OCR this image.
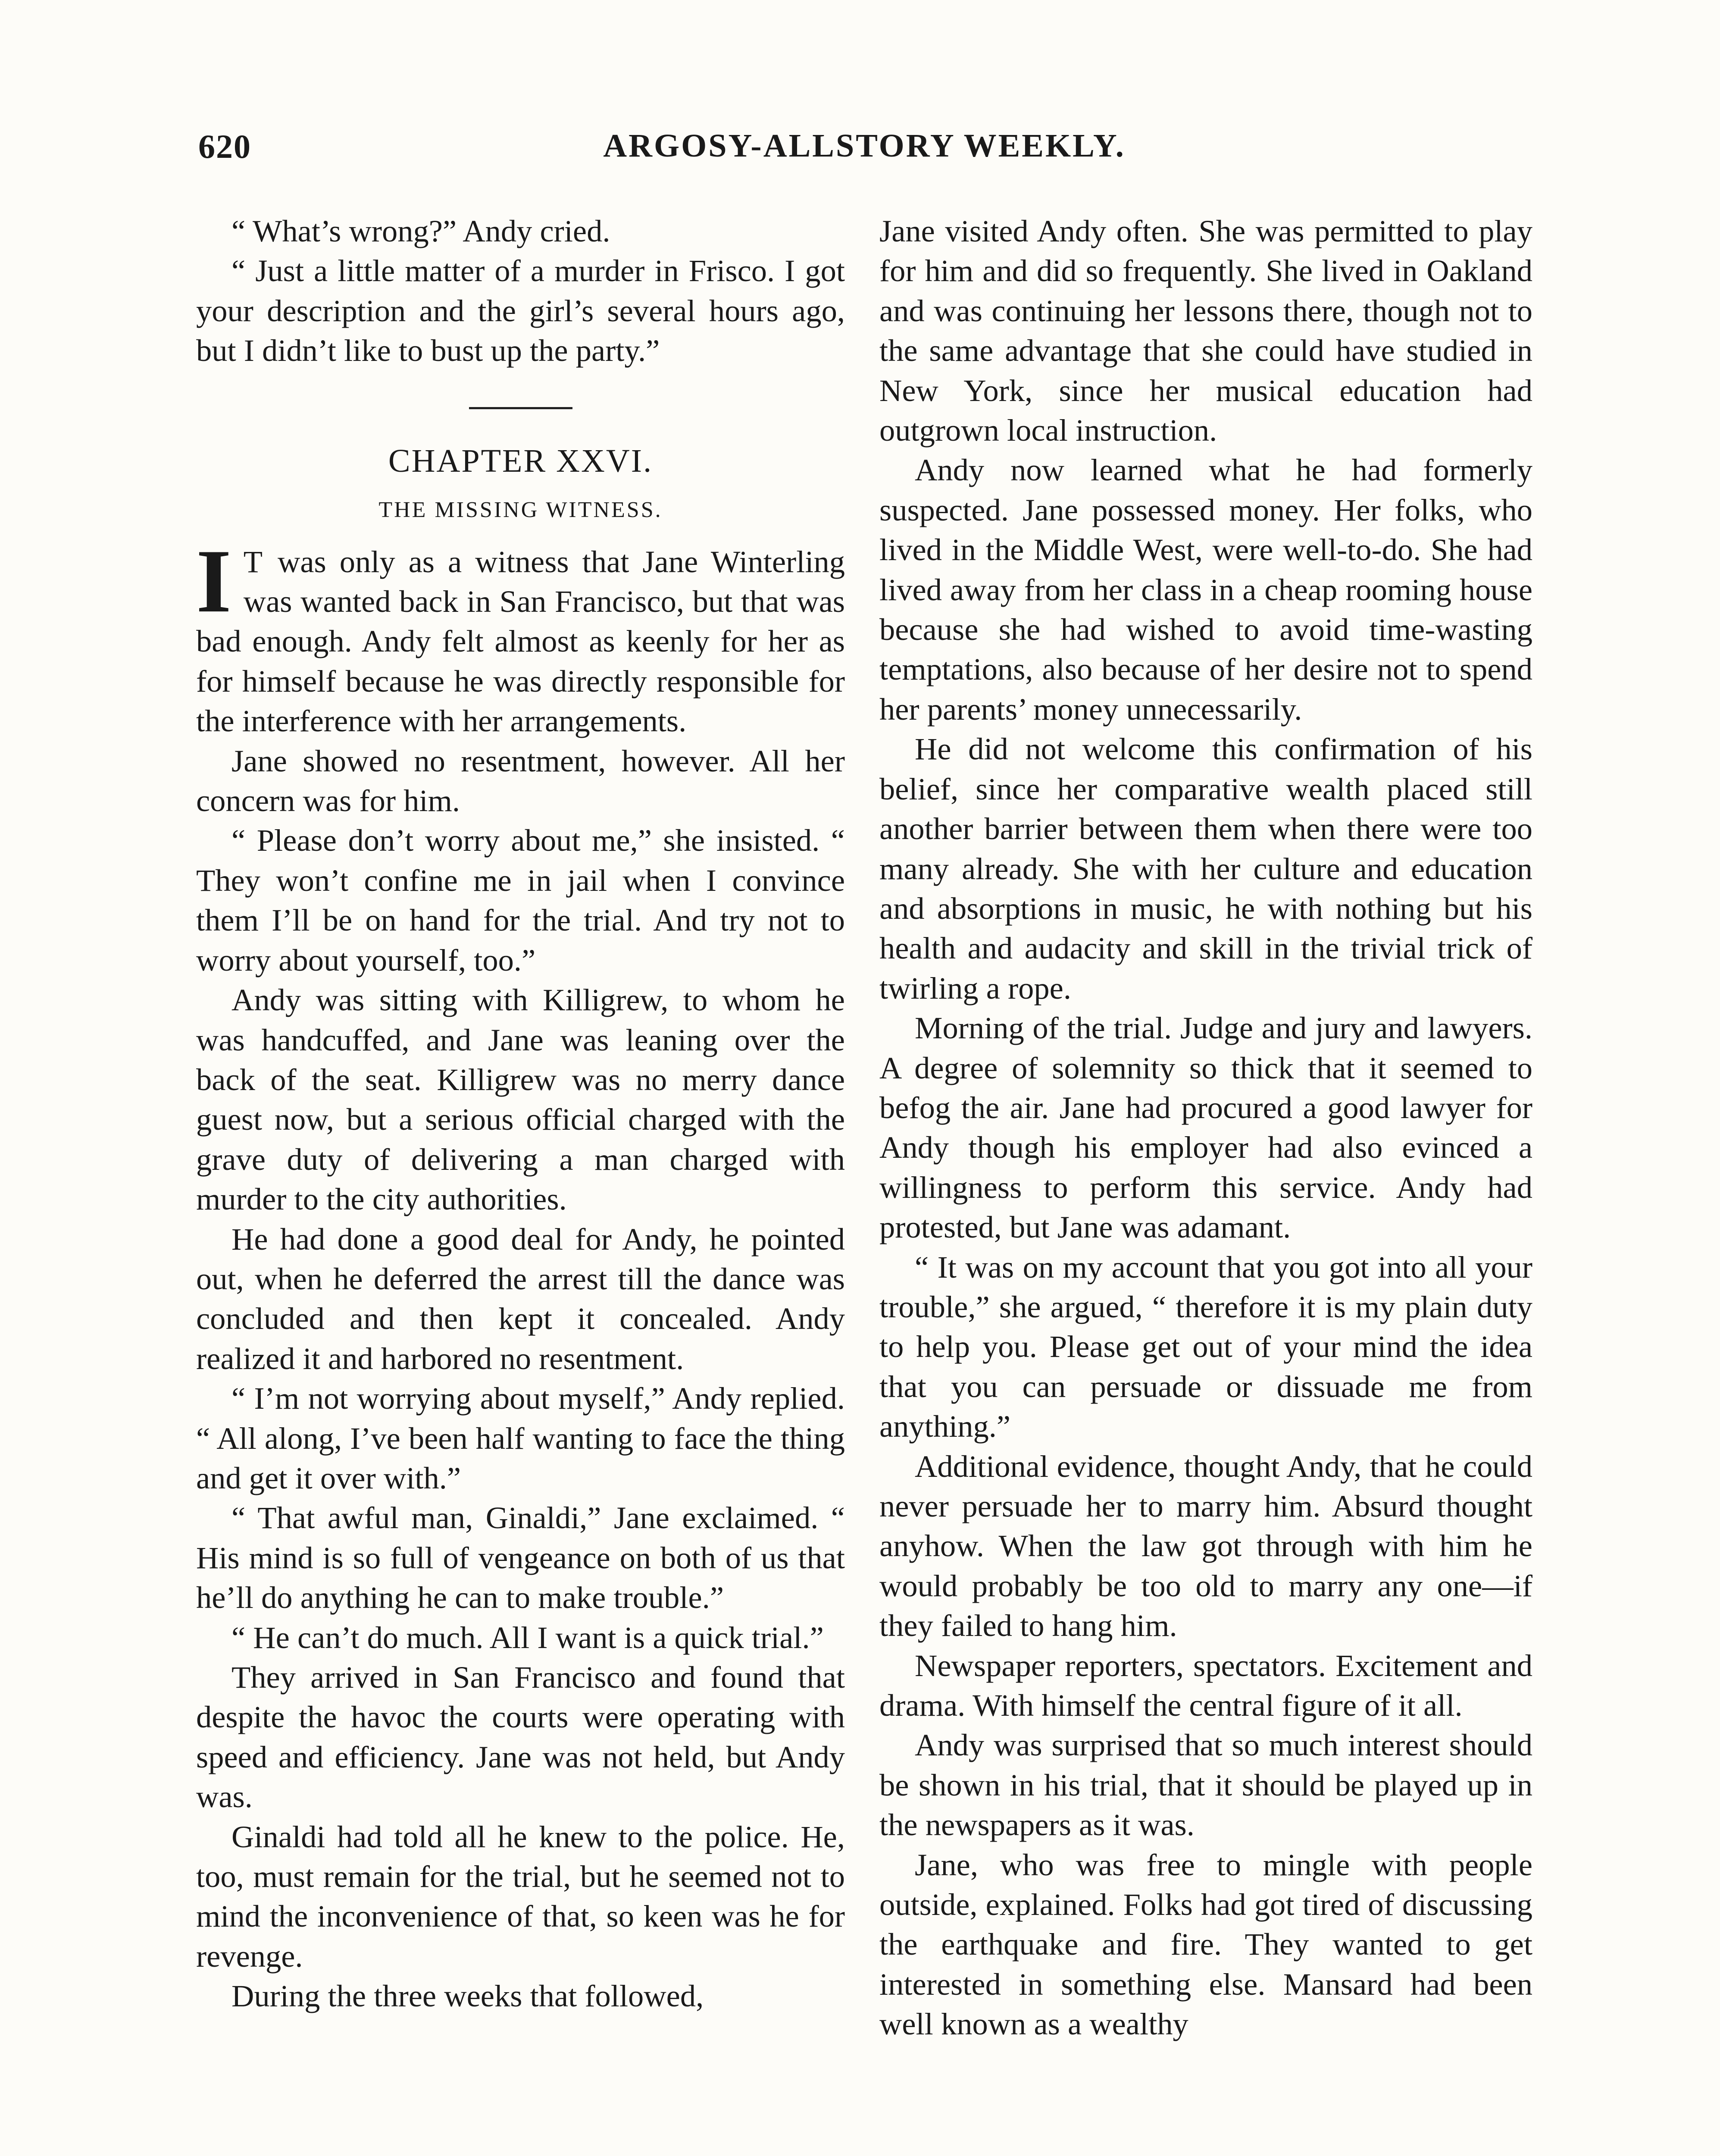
620	ARGOSY-ALLSTORY WEEKLY.

“ What’s wrong?” Andy cried.

“ Just a little matter of a murder in Frisco. I got your description and the girl’s several hours ago, but I didn’t like to bust up the party.”

CHAPTER XXVI.
THE MISSING WITNESS.

I T was only as a witness that Jane Winterling was wanted back in San Francisco, but that was bad enough. Andy felt almost as keenly for her as for himself because he was directly responsible for the interference with her arrangements.

Jane showed no resentment, however. All her concern was for him.

“ Please don’t worry about me,” she insisted. “ They won’t confine me in jail when I convince them I’ll be on hand for the trial. And try not to worry about yourself, too.”

Andy was sitting with Killigrew, to whom he was handcuffed, and Jane was leaning over the back of the seat. Killigrew was no merry dance guest now, but a serious official charged with the grave duty of delivering a man charged with murder to the city authorities.

He had done a good deal for Andy, he pointed out, when he deferred the arrest till the dance was concluded and then kept it concealed. Andy realized it and harbored no resentment.

“ I’m not worrying about myself,” Andy replied. “ All along, I’ve been half wanting to face the thing and get it over with.”

“ That awful man, Ginaldi,” Jane exclaimed. “ His mind is so full of vengeance on both of us that he’ll do anything he can to make trouble.”

“ He can’t do much. All I want is a quick trial.”

They arrived in San Francisco and found that despite the havoc the courts were operating with speed and efficiency. Jane was not held, but Andy was.

Ginaldi had told all he knew to the police. He, too, must remain for the trial, but he seemed not to mind the inconvenience of that, so keen was he for revenge.

During the three weeks that followed,

Jane visited Andy often. She was permitted to play for him and did so frequently. She lived in Oakland and was continuing her lessons there, though not to the same advantage that she could have studied in New York, since her musical education had outgrown local instruction.

Andy now learned what he had formerly suspected. Jane possessed money. Her folks, who lived in the Middle West, were well-to-do. She had lived away from her class in a cheap rooming house because she had wished to avoid time-wasting temptations, also because of her desire not to spend her parents’ money unnecessarily.

He did not welcome this confirmation of his belief, since her comparative wealth placed still another barrier between them when there were too many already. She with her culture and education and absorptions in music, he with nothing but his health and audacity and skill in the trivial trick of twirling a rope.

Morning of the trial. Judge and jury and lawyers. A degree of solemnity so thick that it seemed to befog the air. Jane had procured a good lawyer for Andy though his employer had also evinced a willingness to perform this service. Andy had protested, but Jane was adamant.

“ It was on my account that you got into all your trouble,” she argued, “ therefore it is my plain duty to help you. Please get out of your mind the idea that you can persuade or dissuade me from anything.”

Additional evidence, thought Andy, that he could never persuade her to marry him. Absurd thought anyhow. When the law got through with him he would probably be too old to marry any one—if they failed to hang him.

Newspaper reporters, spectators. Excitement and drama. With himself the central figure of it all.

Andy was surprised that so much interest should be shown in his trial, that it should be played up in the newspapers as it was.

Jane, who was free to mingle with people outside, explained. Folks had got tired of discussing the earthquake and fire. They wanted to get interested in something else. Mansard had been well known as a wealthy
